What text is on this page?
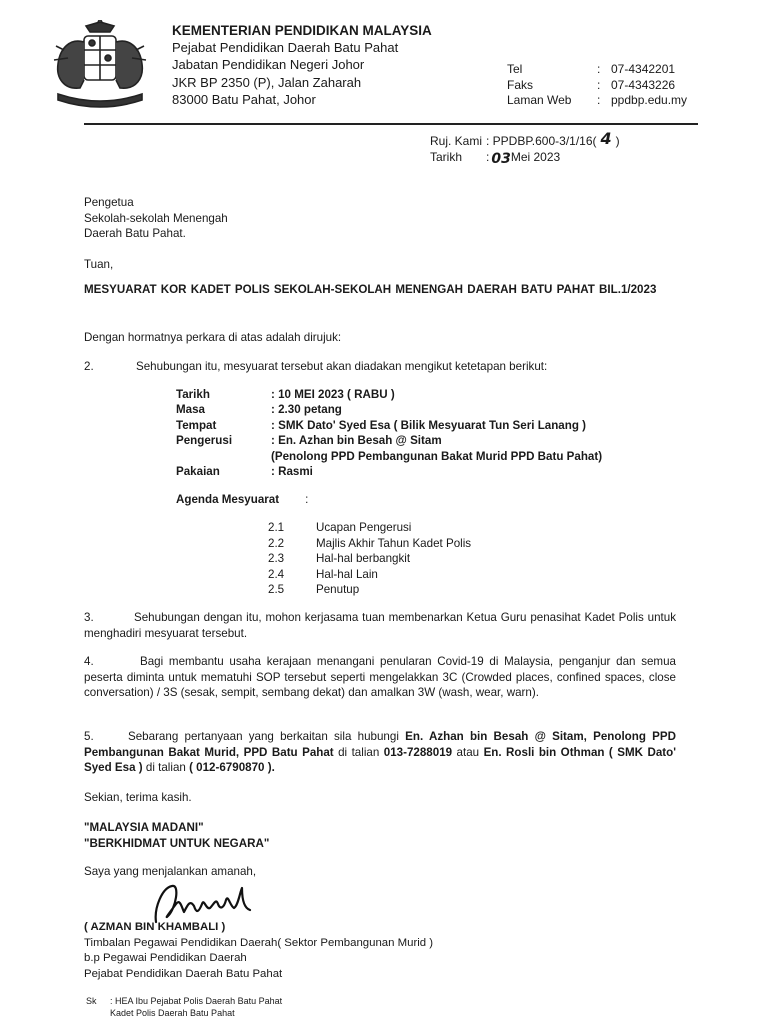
KEMENTERIAN PENDIDIKAN MALAYSIA
Pejabat Pendidikan Daerah Batu Pahat
Jabatan Pendidikan Negeri Johor
JKR BP 2350 (P), Jalan Zaharah
83000 Batu Pahat, Johor
Tel	: 07-4342201
Faks	: 07-4343226
Laman Web	: ppdbp.edu.my
Ruj. Kami : PPDBP.600-3/1/16( 4 )
Tarikh	: 03 Mei 2023
Pengetua
Sekolah-sekolah Menengah
Daerah Batu Pahat.
Tuan,
MESYUARAT KOR KADET POLIS SEKOLAH-SEKOLAH MENENGAH DAERAH BATU PAHAT BIL.1/2023
Dengan hormatnya perkara di atas adalah dirujuk:
2.	Sehubungan itu, mesyuarat tersebut akan diadakan mengikut ketetapan berikut:
Tarikh	: 10 MEI 2023 ( RABU )
Masa	: 2.30 petang
Tempat	: SMK Dato' Syed Esa ( Bilik Mesyuarat Tun Seri Lanang )
Pengerusi	: En. Azhan bin Besah @ Sitam
(Penolong PPD Pembangunan Bakat Murid PPD Batu Pahat)
Pakaian	: Rasmi
Agenda Mesyuarat :
2.1	Ucapan Pengerusi
2.2	Majlis Akhir Tahun Kadet Polis
2.3	Hal-hal berbangkit
2.4	Hal-hal Lain
2.5	Penutup
3.	Sehubungan dengan itu, mohon kerjasama tuan membenarkan Ketua Guru penasihat Kadet Polis untuk menghadiri mesyuarat tersebut.
4.	Bagi membantu usaha kerajaan menangani penularan Covid-19 di Malaysia, penganjur dan semua peserta diminta untuk mematuhi SOP tersebut seperti mengelakkan 3C (Crowded places, confined spaces, close conversation) / 3S (sesak, sempit, sembang dekat) dan amalkan 3W (wash, wear, warn).
5.	Sebarang pertanyaan yang berkaitan sila hubungi En. Azhan bin Besah @ Sitam, Penolong PPD Pembangunan Bakat Murid, PPD Batu Pahat di talian 013-7288019 atau En. Rosli bin Othman ( SMK Dato' Syed Esa ) di talian ( 012-6790870 ).
Sekian, terima kasih.
"MALAYSIA MADANI"
"BERKHIDMAT UNTUK NEGARA"
Saya yang menjalankan amanah,
( AZMAN BIN KHAMBALI )
Timbalan Pegawai Pendidikan Daerah( Sektor Pembangunan Murid )
b.p Pegawai Pendidikan Daerah
Pejabat Pendidikan Daerah Batu Pahat
Sk	: HEA Ibu Pejabat Polis Daerah Batu Pahat
Kadet Polis Daerah Batu Pahat
